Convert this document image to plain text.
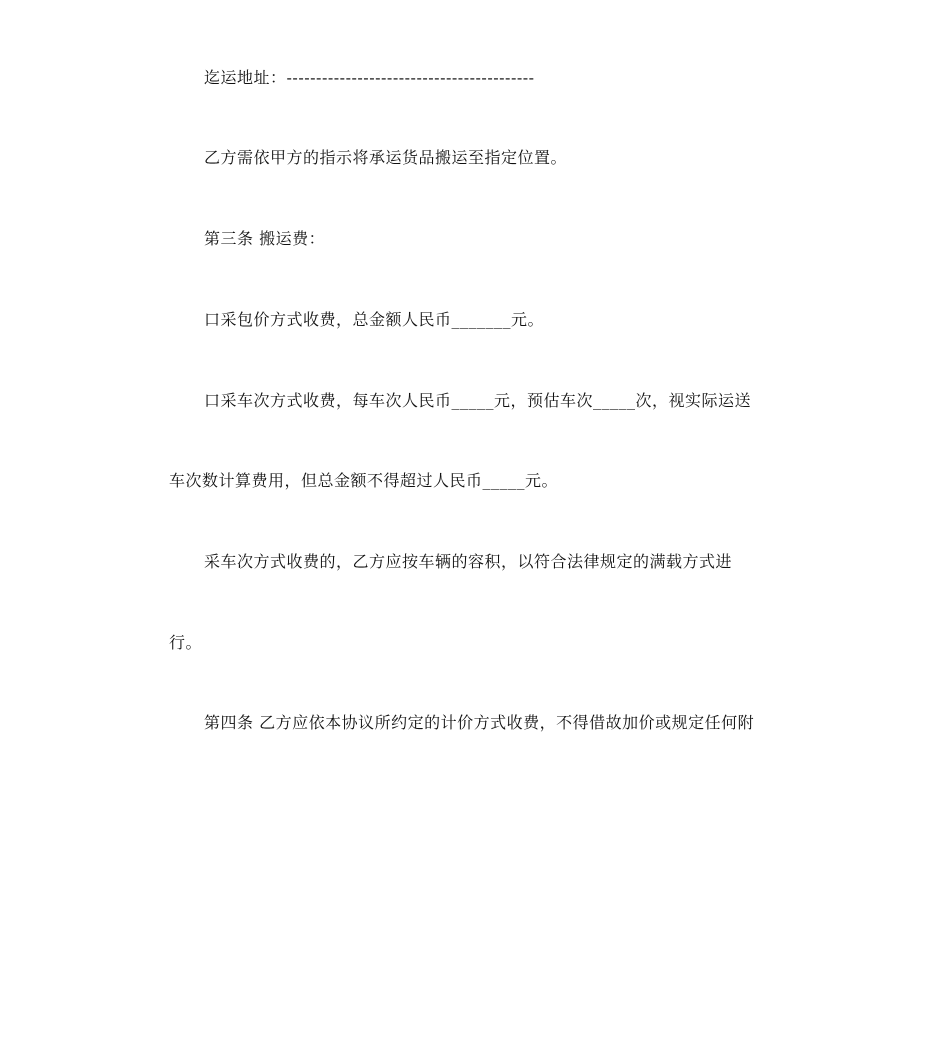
迄运地址：------------------------------------------
乙方需依甲方的指示将承运货品搬运至指定位置。
第三条 搬运费：
口采包价方式收费，总金额人民币_______元。
口采车次方式收费，每车次人民币_____元，预估车次_____次，视实际运送
车次数计算费用，但总金额不得超过人民币_____元。
采车次方式收费的，乙方应按车辆的容积，以符合法律规定的满载方式进
行。
第四条 乙方应依本协议所约定的计价方式收费，不得借故加价或规定任何附
